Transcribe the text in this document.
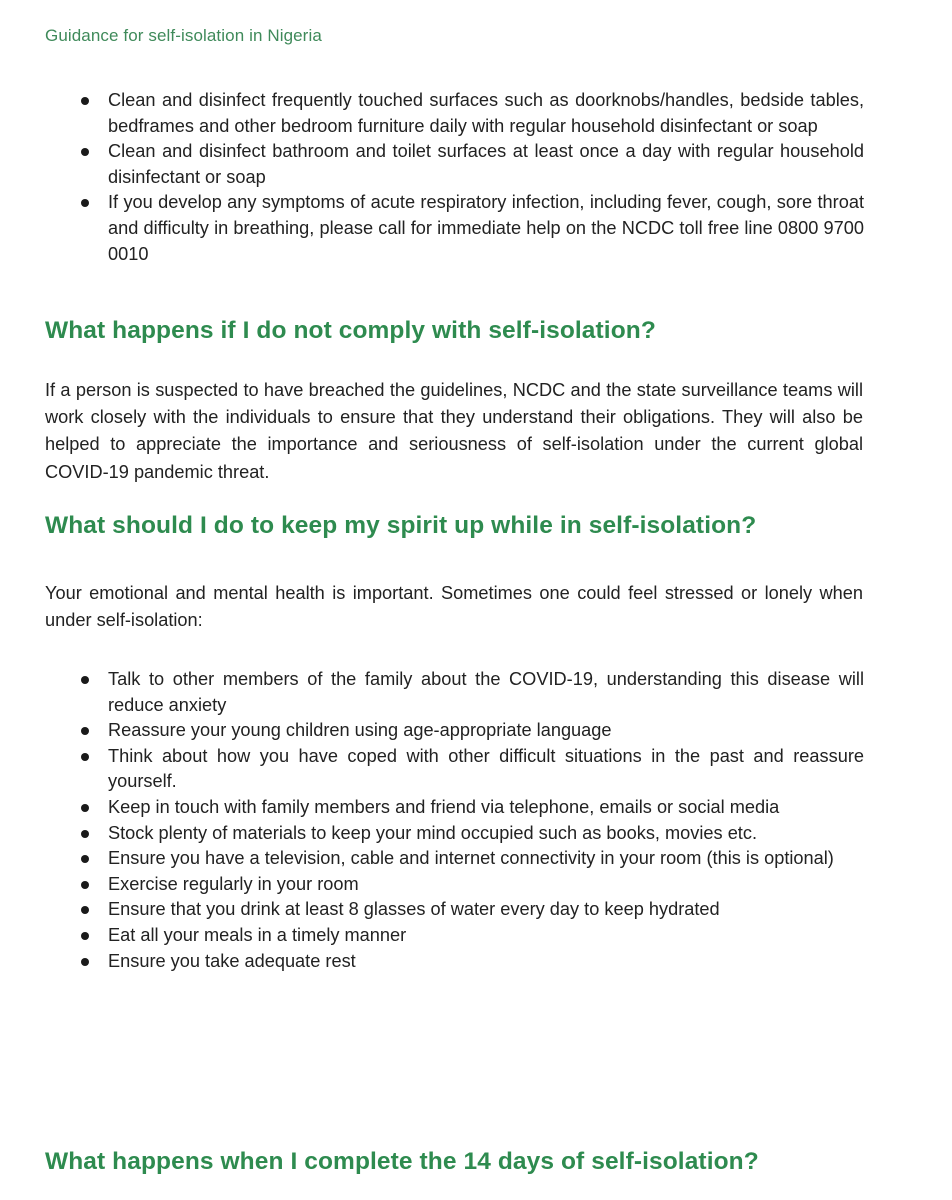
Guidance for self-isolation in Nigeria
Clean and disinfect frequently touched surfaces such as doorknobs/handles, bedside tables, bedframes and other bedroom furniture daily with regular household disinfectant or soap
Clean and disinfect bathroom and toilet surfaces at least once a day with regular household disinfectant or soap
If you develop any symptoms of acute respiratory infection, including fever, cough, sore throat and difficulty in breathing, please call for immediate help on the NCDC toll free line 0800 9700 0010
What happens if I do not comply with self-isolation?

If a person is suspected to have breached the guidelines, NCDC and the state surveillance teams will work closely with the individuals to ensure that they understand their obligations. They will also be helped to appreciate the importance and seriousness of self-isolation under the current global COVID-19 pandemic threat.

What should I do to keep my spirit up while in self-isolation?

Your emotional and mental health is important. Sometimes one could feel stressed or lonely when under self-isolation:

Talk to other members of the family about the COVID-19, understanding this disease will reduce anxiety
Reassure your young children using age-appropriate language
Think about how you have coped with other difficult situations in the past and reassure yourself.
Keep in touch with family members and friend via telephone, emails or social media
Stock plenty of materials to keep your mind occupied such as books, movies etc.
Ensure you have a television, cable and internet connectivity in your room (this is optional)
Exercise regularly in your room
Ensure that you drink at least 8 glasses of water every day to keep hydrated
Eat all your meals in a timely manner
Ensure you take adequate rest
What happens when I complete the 14 days of self-isolation?
